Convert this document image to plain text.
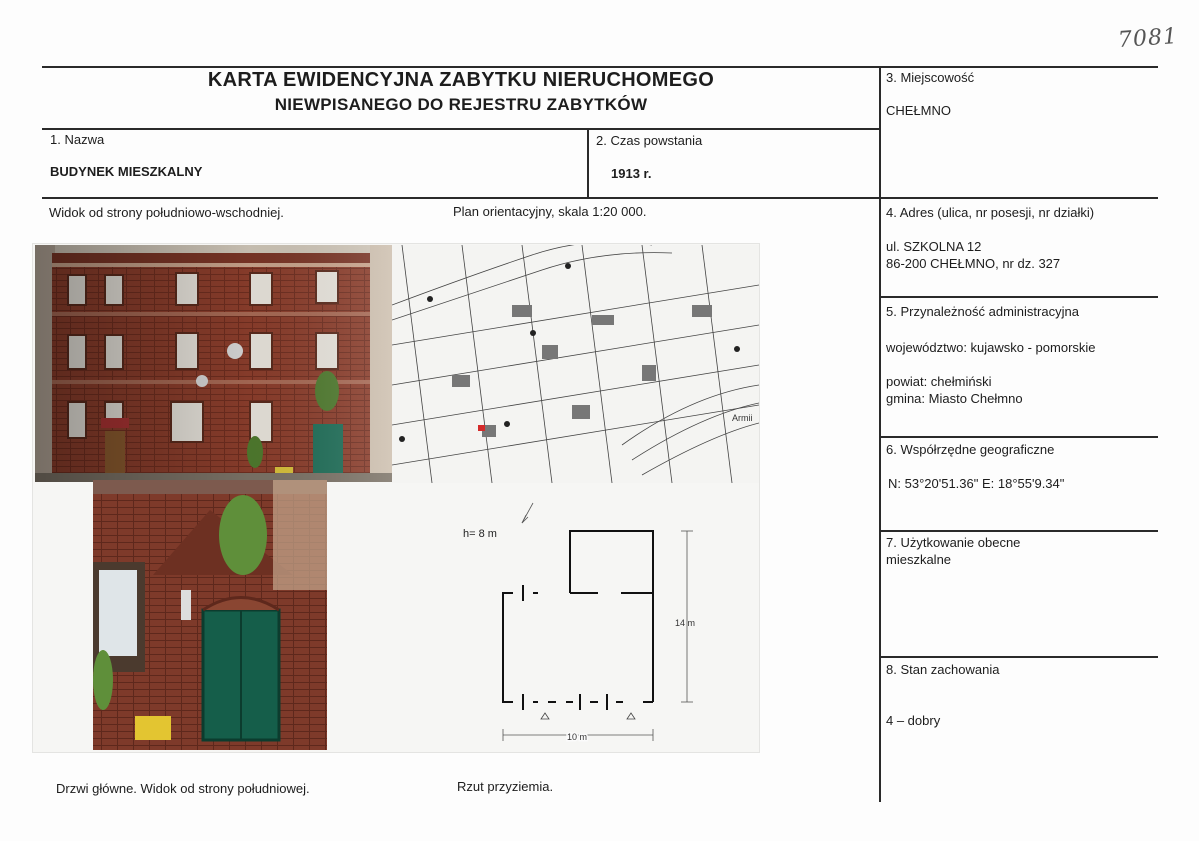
7081
KARTA EWIDENCYJNA ZABYTKU NIERUCHOMEGO
NIEWPISANEGO DO REJESTRU ZABYTKÓW
1. Nazwa
BUDYNEK MIESZKALNY
2. Czas powstania
1913 r.
3. Miejscowość
CHEŁMNO
4. Adres (ulica, nr posesji, nr działki)
ul. SZKOLNA 12
86-200 CHEŁMNO, nr dz. 327
5. Przynależność administracyjna
województwo: kujawsko - pomorskie
powiat: chełmiński
gmina: Miasto Chełmno
6. Współrzędne geograficzne
N: 53°20'51.36" E: 18°55'9.34"
7. Użytkowanie obecne
mieszkalne
8. Stan zachowania
4 – dobry
Widok od strony południowo-wschodniej.	Plan orientacyjny, skala 1:20 000.
Drzwi główne. Widok od strony południowej.	Rzut przyziemia.
Armii
h= 8 m
14 m
10 m
